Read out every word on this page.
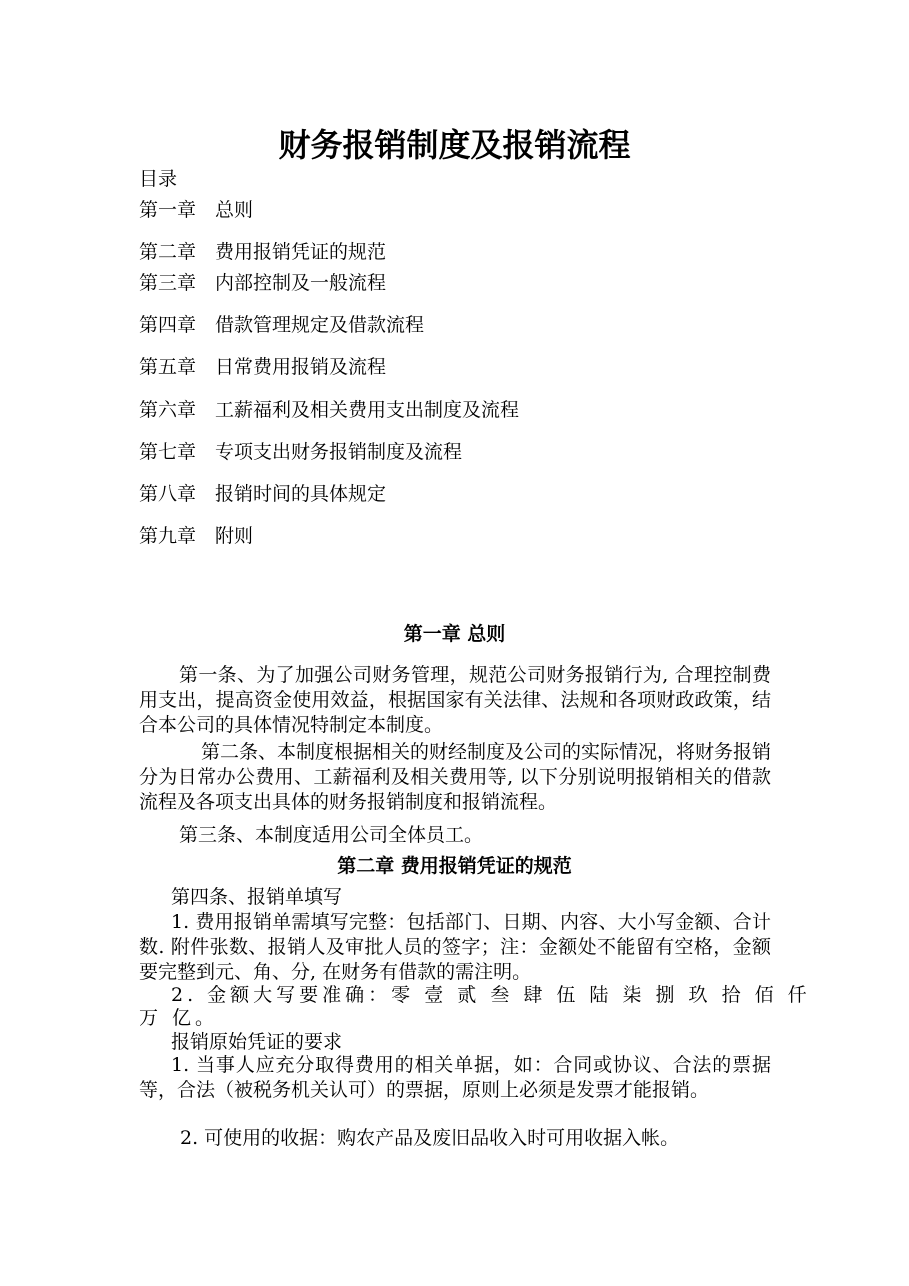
财务报销制度及报销流程

目录

第一章 总则

第二章 费用报销凭证的规范

第三章 内部控制及一般流程

第四章 借款管理规定及借款流程

第五章 日常费用报销及流程

第六章 工薪福利及相关费用支出制度及流程

第七章 专项支出财务报销制度及流程

第八章 报销时间的具体规定

第九章 附则

第一章 总则

第一条、为了加强公司财务管理，规范公司财务报销行为, 合理控制费用支出，提高资金使用效益，根据国家有关法律、法规和各项财政政策，结合本公司的具体情况特制定本制度。

第二条、本制度根据相关的财经制度及公司的实际情况，将财务报销分为日常办公费用、工薪福利及相关费用等, 以下分别说明报销相关的借款流程及各项支出具体的财务报销制度和报销流程。

第三条、本制度适用公司全体员工。

第二章 费用报销凭证的规范

第四条、报销单填写

1. 费用报销单需填写完整：包括部门、日期、内容、大小写金额、合计数. 附件张数、报销人及审批人员的签字；注：金额处不能留有空格，金额要完整到元、角、分, 在财务有借款的需注明。

2. 金额大写要准确：零 壹 贰 叁 肆 伍 陆 柒 捌 玖 拾 佰 仟

万 亿。

报销原始凭证的要求

1. 当事人应充分取得费用的相关单据，如：合同或协议、合法的票据等，合法（被税务机关认可）的票据，原则上必须是发票才能报销。

2. 可使用的收据：购农产品及废旧品收入时可用收据入帐。
